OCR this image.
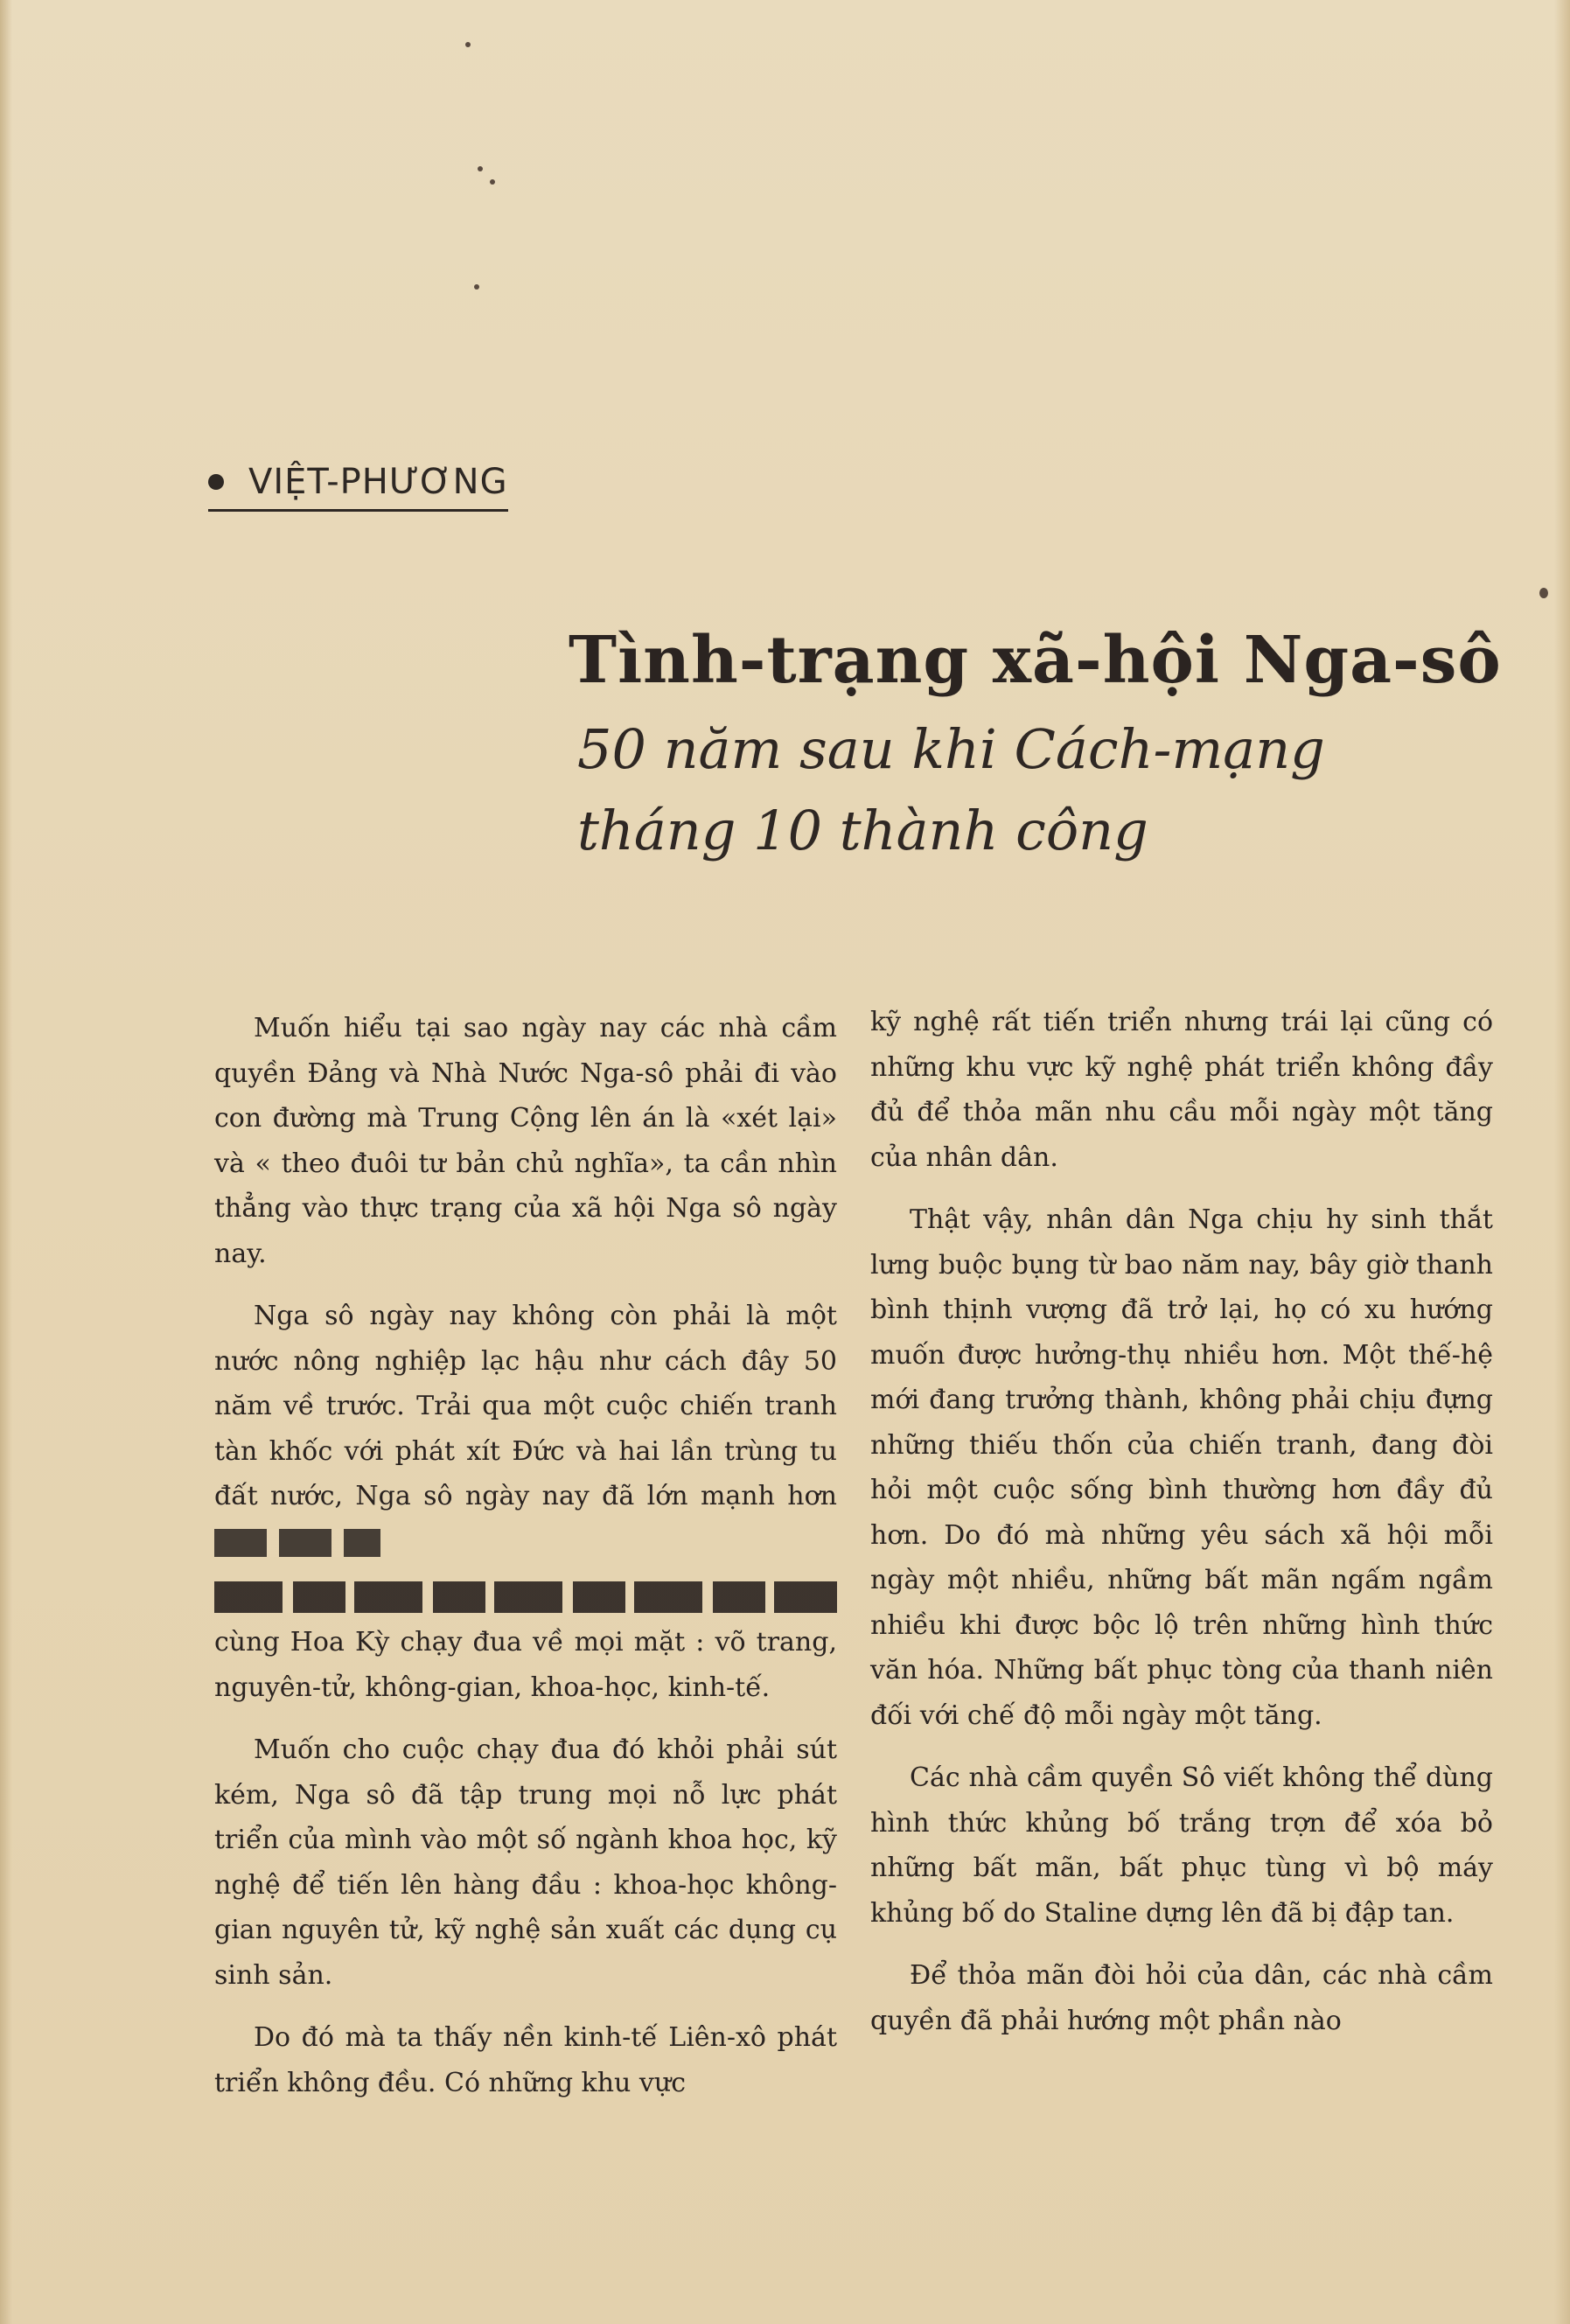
VIỆT-PHƯƠNG
Tình-trạng xã-hội Nga-sô
50 năm sau khi Cách-mạng
tháng 10 thành công

Muốn hiểu tại sao ngày nay các nhà cầm quyền Đảng và Nhà Nước Nga-sô phải đi vào con đường mà Trung Cộng lên án là «xét lại» và « theo đuôi tư bản chủ nghĩa», ta cần nhìn thẳng vào thực trạng của xã hội Nga sô ngày nay.

Nga sô ngày nay không còn phải là một nước nông nghiệp lạc hậu như cách đây 50 năm về trước. Trải qua một cuộc chiến tranh tàn khốc với phát xít Đức và hai lần trùng tu đất nước, Nga sô ngày nay đã lớn mạnh hơn

cùng Hoa Kỳ chạy đua về mọi mặt : võ trang, nguyên-tử, không-gian, khoa-học, kinh-tế.

Muốn cho cuộc chạy đua đó khỏi phải sút kém, Nga sô đã tập trung mọi nỗ lực phát triển của mình vào một số ngành khoa học, kỹ nghệ để tiến lên hàng đầu : khoa-học không-gian nguyên tử, kỹ nghệ sản xuất các dụng cụ sinh sản.

Do đó mà ta thấy nền kinh-tế Liên-xô phát triển không đều. Có những khu vực

kỹ nghệ rất tiến triển nhưng trái lại cũng có những khu vực kỹ nghệ phát triển không đầy đủ để thỏa mãn nhu cầu mỗi ngày một tăng của nhân dân.

Thật vậy, nhân dân Nga chịu hy sinh thắt lưng buộc bụng từ bao năm nay, bây giờ thanh bình thịnh vượng đã trở lại, họ có xu hướng muốn được hưởng-thụ nhiều hơn. Một thế-hệ mới đang trưởng thành, không phải chịu đựng những thiếu thốn của chiến tranh, đang đòi hỏi một cuộc sống bình thường hơn đầy đủ hơn. Do đó mà những yêu sách xã hội mỗi ngày một nhiều, những bất mãn ngấm ngầm nhiều khi được bộc lộ trên những hình thức văn hóa. Những bất phục tòng của thanh niên đối với chế độ mỗi ngày một tăng.

Các nhà cầm quyền Sô viết không thể dùng hình thức khủng bố trắng trợn để xóa bỏ những bất mãn, bất phục tùng vì bộ máy khủng bố do Staline dựng lên đã bị đập tan.

Để thỏa mãn đòi hỏi của dân, các nhà cầm quyền đã phải hướng một phần nào
